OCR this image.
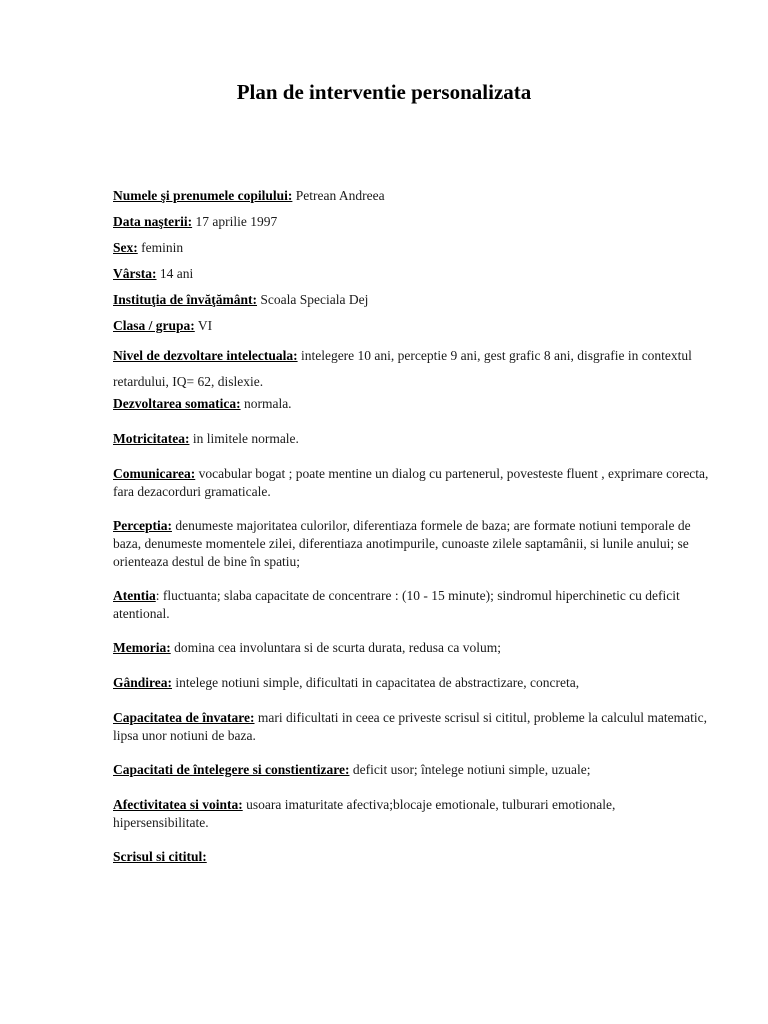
Plan de interventie personalizata
Numele şi prenumele copilului: Petrean Andreea
Data naşterii: 17 aprilie 1997
Sex: feminin
Vârsta: 14 ani
Instituţia de învăţământ: Scoala Speciala Dej
Clasa / grupa: VI
Nivel de dezvoltare intelectuala: intelegere 10 ani, perceptie 9 ani, gest grafic 8 ani, disgrafie in contextul retardului, IQ= 62, dislexie.
Dezvoltarea somatica: normala.
Motricitatea: in limitele normale.
Comunicarea: vocabular bogat ; poate mentine un dialog cu partenerul, povesteste fluent , exprimare corecta, fara dezacorduri gramaticale.
Perceptia: denumeste majoritatea culorilor, diferentiaza formele de baza; are formate notiuni temporale de baza, denumeste momentele zilei, diferentiaza anotimpurile, cunoaste zilele saptamânii, si lunile anului; se orienteaza destul de bine în spatiu;
Atentia: fluctuanta; slaba capacitate de concentrare : (10 - 15 minute); sindromul hiperchinetic cu deficit atentional.
Memoria: domina cea involuntara si de scurta durata, redusa ca volum;
Gândirea: intelege notiuni simple, dificultati in capacitatea de abstractizare, concreta,
Capacitatea de învatare: mari dificultati in ceea ce priveste scrisul si cititul, probleme la calculul matematic, lipsa unor notiuni de baza.
Capacitati de întelegere si constientizare: deficit usor; întelege notiuni simple, uzuale;
Afectivitatea si vointa: usoara imaturitate afectiva;blocaje emotionale, tulburari emotionale, hipersensibilitate.
Scrisul si cititul:
